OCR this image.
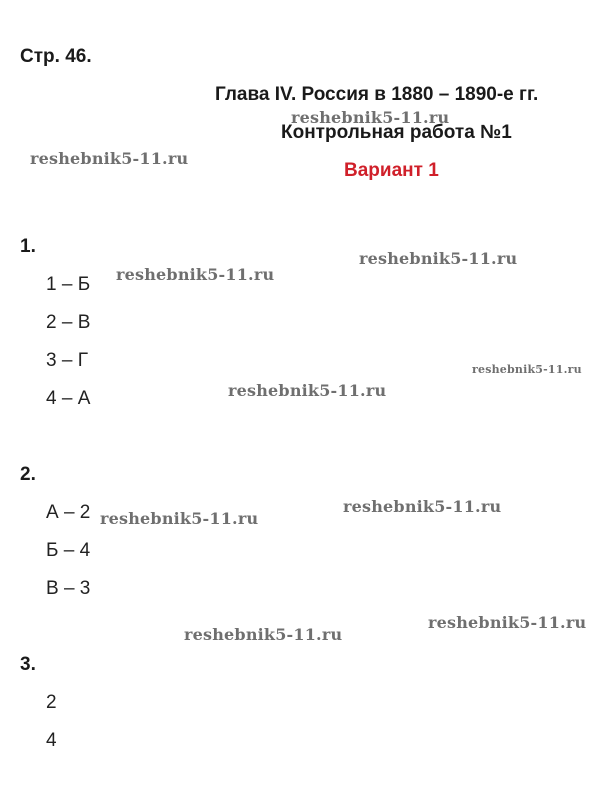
Стр. 46.
Глава IV. Россия в 1880 – 1890-е гг.
Контрольная работа №1
Вариант 1
1.
1 – Б
2 – В
3 – Г
4 – А
2.
А – 2
Б – 4
В – 3
3.
2
4
reshebnik5-11.ru
reshebnik5-11.ru
reshebnik5-11.ru
reshebnik5-11.ru
reshebnik5-11.ru
reshebnik5-11.ru
reshebnik5-11.ru
reshebnik5-11.ru
reshebnik5-11.ru
reshebnik5-11.ru
